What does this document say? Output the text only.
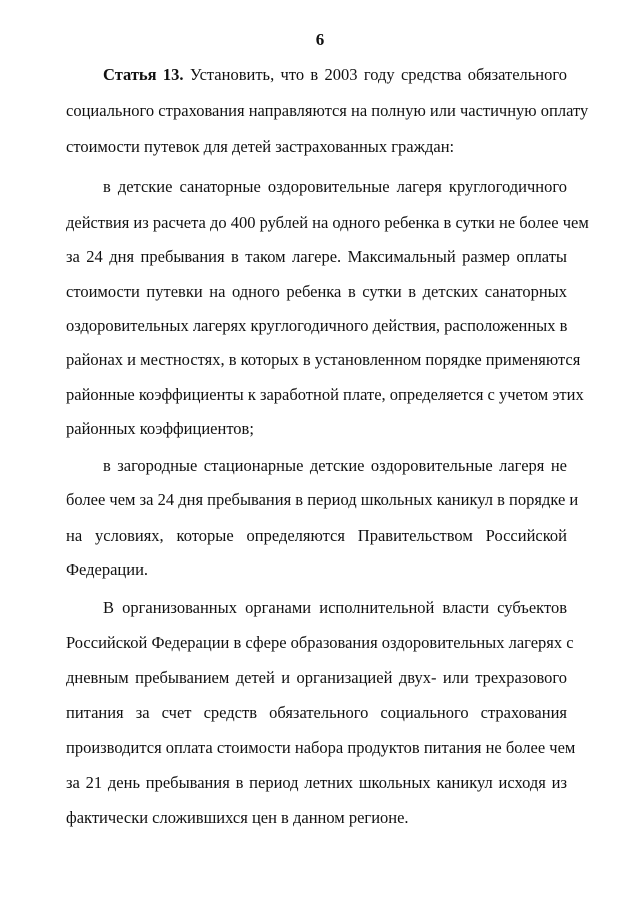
6
Статья 13. Установить, что в 2003 году средства обязательного
социального страхования направляются на полную или частичную оплату
стоимости путевок для детей застрахованных граждан:
в детские санаторные оздоровительные лагеря круглогодичного
действия из расчета до 400 рублей на одного ребенка в сутки не более чем
за 24 дня пребывания в таком лагере. Максимальный размер оплаты
стоимости путевки на одного ребенка в сутки в детских санаторных
оздоровительных лагерях круглогодичного действия, расположенных в
районах и местностях, в которых в установленном порядке применяются
районные коэффициенты к заработной плате, определяется с учетом этих
районных коэффициентов;
в загородные стационарные детские оздоровительные лагеря не
более чем за 24 дня пребывания в период школьных каникул в порядке и
на условиях, которые определяются Правительством Российской
Федерации.
В организованных органами исполнительной власти субъектов
Российской Федерации в сфере образования оздоровительных лагерях с
дневным пребыванием детей и организацией двух- или трехразового
питания за счет средств обязательного социального страхования
производится оплата стоимости набора продуктов питания не более чем
за 21 день пребывания в период летних школьных каникул исходя из
фактически сложившихся цен в данном регионе.
